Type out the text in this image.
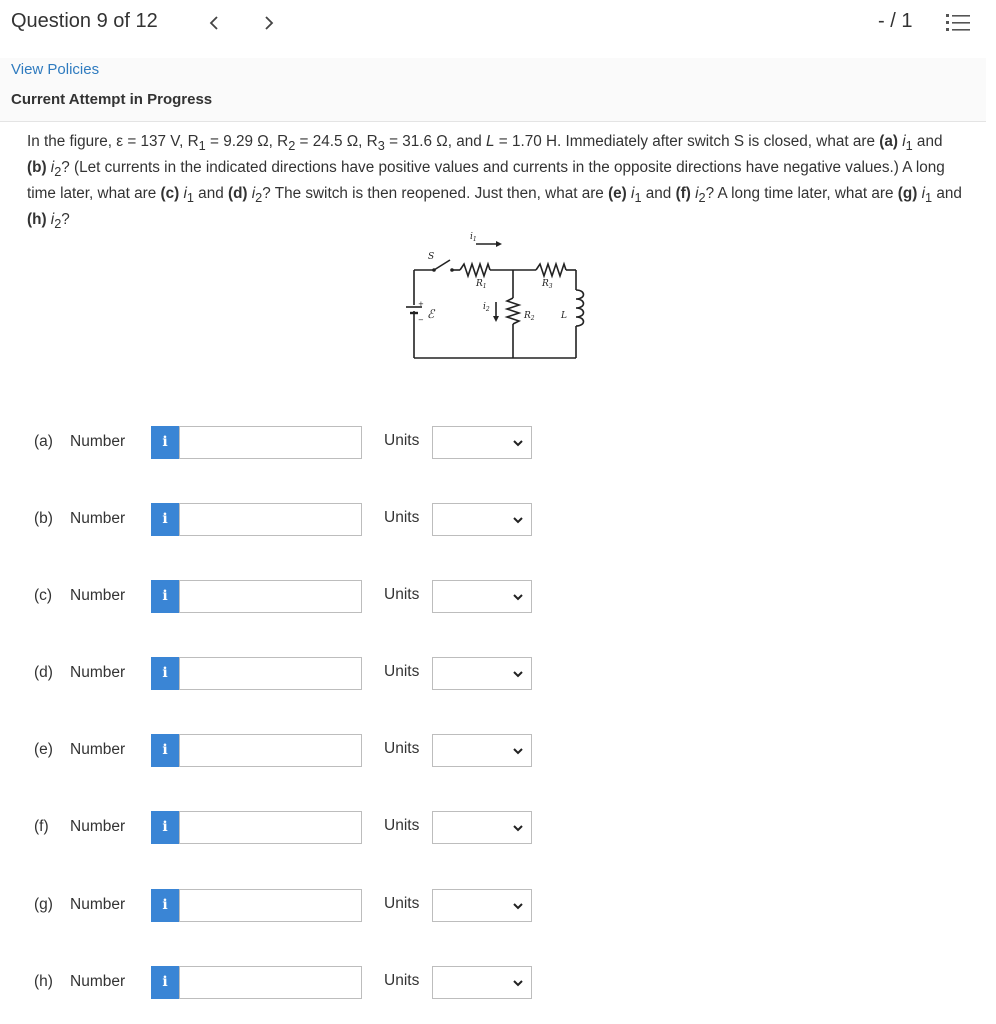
Question 9 of 12	- / 1
View Policies
Current Attempt in Progress
In the figure, ε = 137 V, $R_1 = 9.29$ Ω, $R_2 = 24.5$ Ω, $R_3 = 31.6$ Ω, and L = 1.70 H. Immediately after switch S is closed, what are (a) $i_1$ and (b) $i_2$? (Let currents in the indicated directions have positive values and currents in the opposite directions have negative values.) A long time later, what are (c) $i_1$ and (d) $i_2$? The switch is then reopened. Just then, what are (e) $i_1$ and (f) $i_2$? A long time later, what are (g) $i_1$ and (h) $i_2$?
S
$i_1$
$R_1$	$R_3$
$i_2$
$R_2$	L
ℰ
+
−
(a) Number	i	Units
(b) Number	i	Units
(c) Number	i	Units
(d) Number	i	Units
(e) Number	i	Units
(f) Number	i	Units
(g) Number	i	Units
(h) Number	i	Units
